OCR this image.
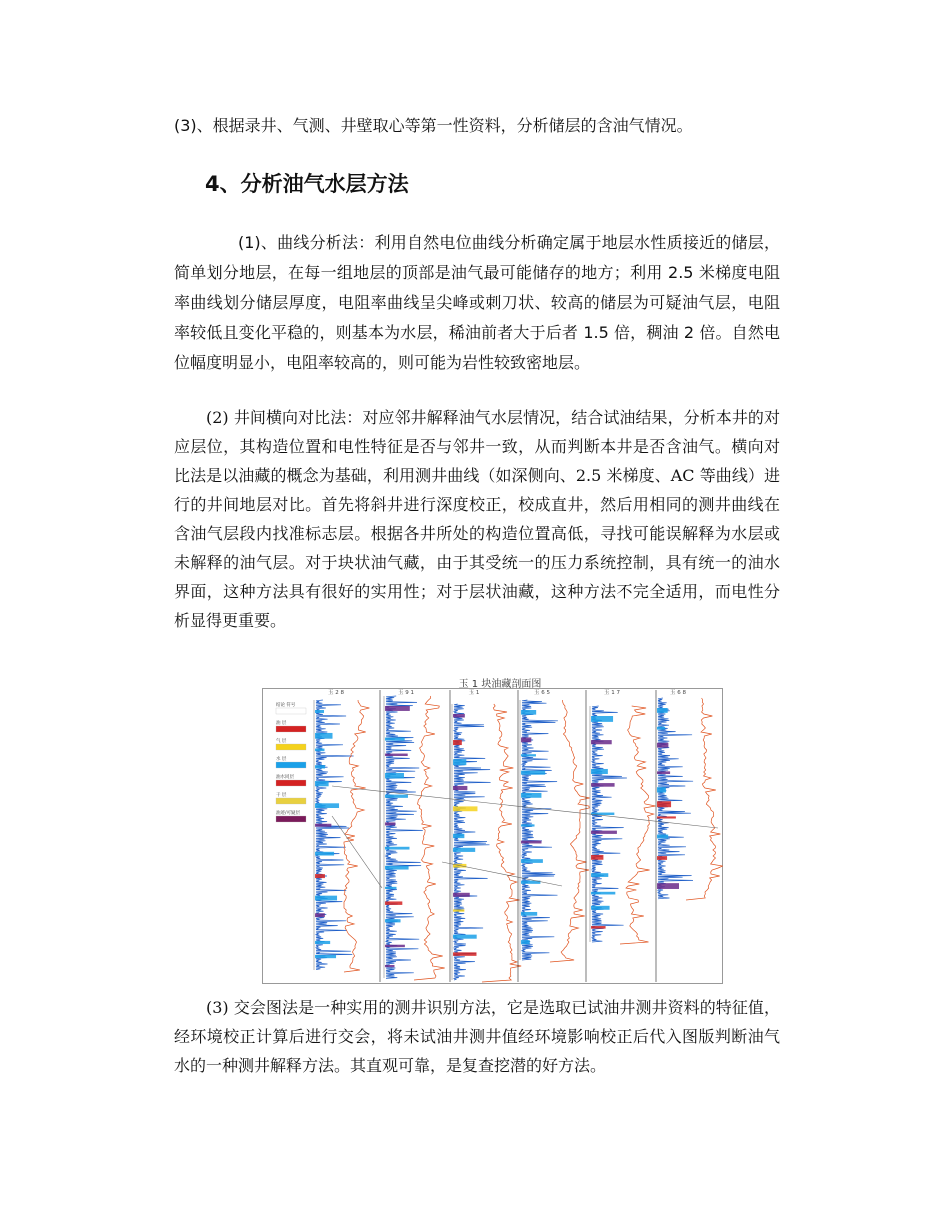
(3)、根据录井、气测、井壁取心等第一性资料，分析储层的含油气情况。

4、分析油气水层方法

(1)、曲线分析法：利用自然电位曲线分析确定属于地层水性质接近的储层，简单划分地层，在每一组地层的顶部是油气最可能储存的地方；利用 2.5 米梯度电阻率曲线划分储层厚度，电阻率曲线呈尖峰或刺刀状、较高的储层为可疑油气层，电阻率较低且变化平稳的，则基本为水层，稀油前者大于后者 1.5 倍，稠油 2 倍。自然电位幅度明显小，电阻率较高的，则可能为岩性较致密地层。

(2) 井间横向对比法：对应邻井解释油气水层情况，结合试油结果，分析本井的对应层位，其构造位置和电性特征是否与邻井一致，从而判断本井是否含油气。横向对比法是以油藏的概念为基础，利用测井曲线（如深侧向、2.5 米梯度、AC 等曲线）进行的井间地层对比。首先将斜井进行深度校正，校成直井，然后用相同的测井曲线在含油气层段内找准标志层。根据各井所处的构造位置高低，寻找可能误解释为水层或未解释的油气层。对于块状油气藏，由于其受统一的压力系统控制，具有统一的油水界面，这种方法具有很好的实用性；对于层状油藏，这种方法不完全适用，而电性分析显得更重要。

玉 1 块油藏剖面图
玉 2 8	玉 9 1	玉 1	玉 6 5	玉 1 7	玉 6 8
结论 符号
油 层
气 层
水 层
油水同层
干 层
油迹/可疑层

(3) 交会图法是一种实用的测井识别方法，它是选取已试油井测井资料的特征值，经环境校正计算后进行交会，将未试油井测井值经环境影响校正后代入图版判断油气水的一种测井解释方法。其直观可靠，是复查挖潜的好方法。
